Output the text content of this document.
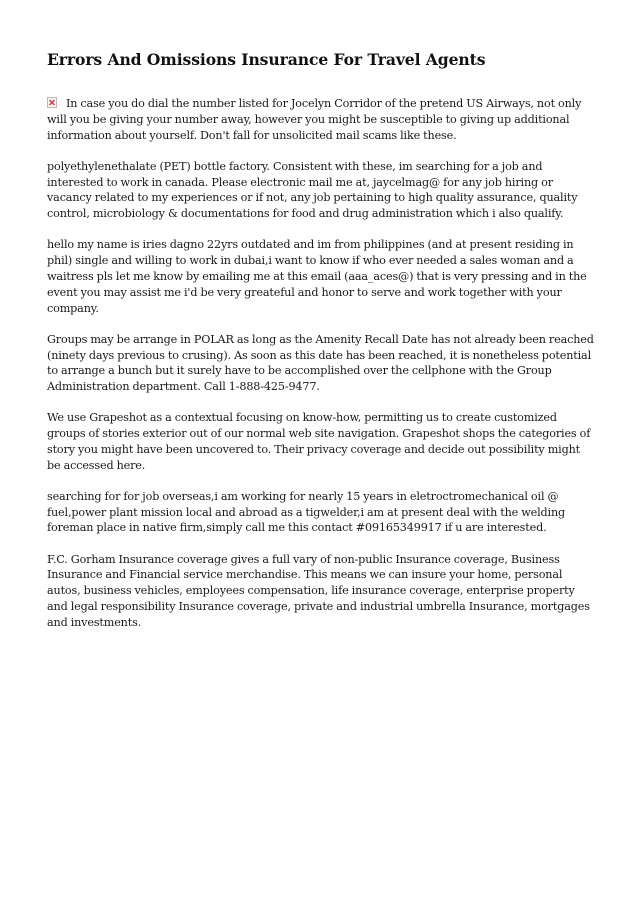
Errors And Omissions Insurance For Travel Agents

In case you do dial the number listed for Jocelyn Corridor of the pretend US Airways, not only will you be giving your number away, however you might be susceptible to giving up additional information about yourself. Don't fall for unsolicited mail scams like these.

polyethylenethalate (PET) bottle factory. Consistent with these, im searching for a job and interested to work in canada. Please electronic mail me at, jaycelmag@ for any job hiring or vacancy related to my experiences or if not, any job pertaining to high quality assurance, quality control, microbiology & documentations for food and drug administration which i also qualify.

hello my name is iries dagno 22yrs outdated and im from philippines (and at present residing in phil) single and willing to work in dubai,i want to know if who ever needed a sales woman and a waitress pls let me know by emailing me at this email (aaa_aces@) that is very pressing and in the event you may assist me i'd be very greateful and honor to serve and work together with your company.

Groups may be arrange in POLAR as long as the Amenity Recall Date has not already been reached (ninety days previous to crusing). As soon as this date has been reached, it is nonetheless potential to arrange a bunch but it surely have to be accomplished over the cellphone with the Group Administration department. Call 1-888-425-9477.

We use Grapeshot as a contextual focusing on know-how, permitting us to create customized groups of stories exterior out of our normal web site navigation. Grapeshot shops the categories of story you might have been uncovered to. Their privacy coverage and decide out possibility might be accessed here.

searching for for job overseas,i am working for nearly 15 years in eletroctromechanical oil @ fuel,power plant mission local and abroad as a tigwelder,i am at present deal with the welding foreman place in native firm,simply call me this contact #09165349917 if u are interested.

F.C. Gorham Insurance coverage gives a full vary of non-public Insurance coverage, Business Insurance and Financial service merchandise. This means we can insure your home, personal autos, business vehicles, employees compensation, life insurance coverage, enterprise property and legal responsibility Insurance coverage, private and industrial umbrella Insurance, mortgages and investments.
